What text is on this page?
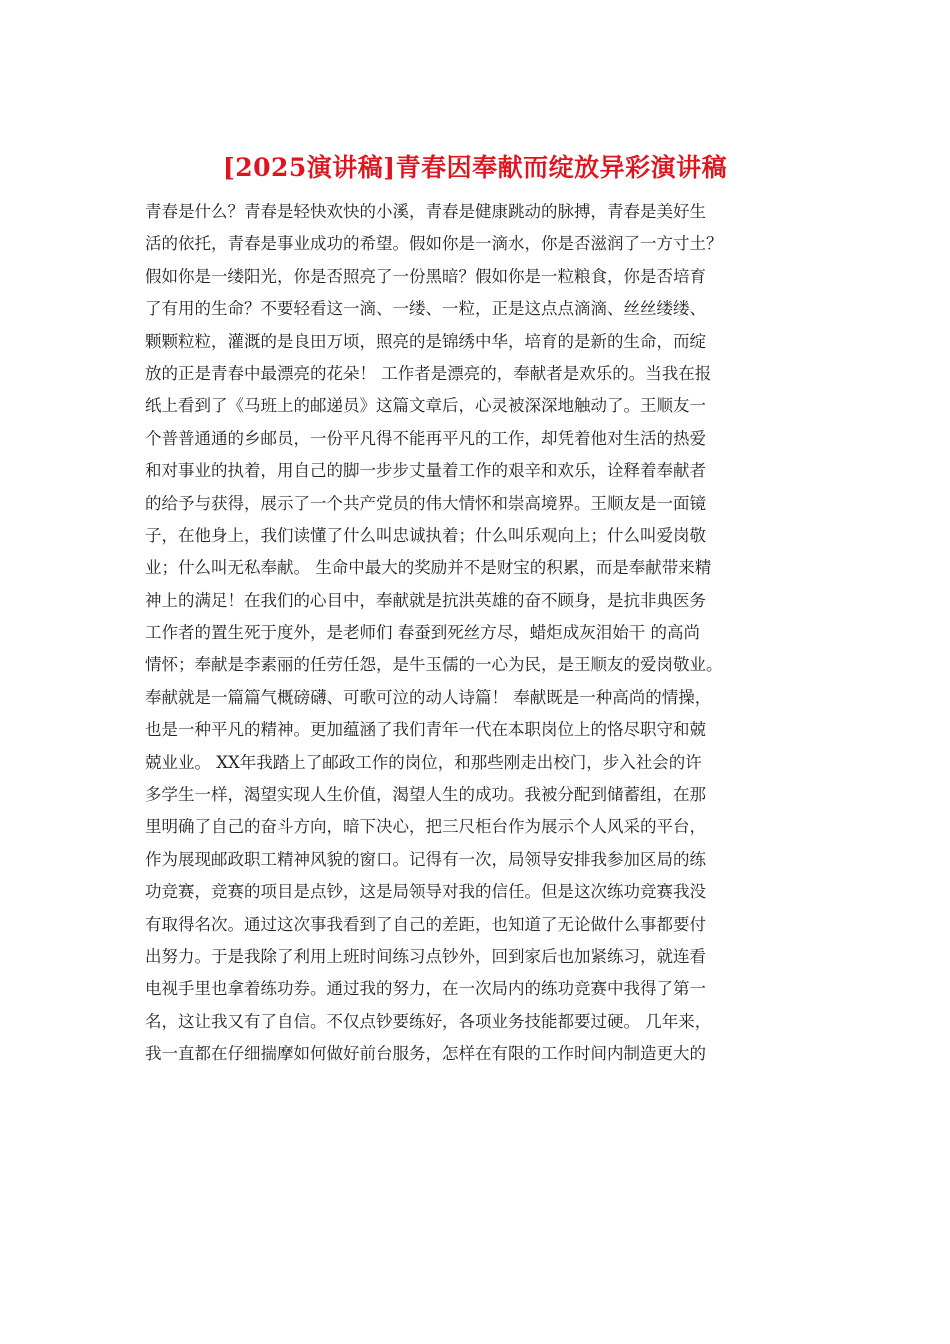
[2025演讲稿]青春因奉献而绽放异彩演讲稿
青春是什么？青春是轻快欢快的小溪，青春是健康跳动的脉搏，青春是美好生
活的依托，青春是事业成功的希望。假如你是一滴水，你是否滋润了一方寸土？
假如你是一缕阳光，你是否照亮了一份黑暗？假如你是一粒粮食，你是否培育
了有用的生命？不要轻看这一滴、一缕、一粒，正是这点点滴滴、丝丝缕缕、
颗颗粒粒，灌溉的是良田万顷，照亮的是锦绣中华，培育的是新的生命，而绽
放的正是青春中最漂亮的花朵！ 工作者是漂亮的，奉献者是欢乐的。当我在报
纸上看到了《马班上的邮递员》这篇文章后，心灵被深深地触动了。王顺友一
个普普通通的乡邮员，一份平凡得不能再平凡的工作，却凭着他对生活的热爱
和对事业的执着，用自己的脚一步步丈量着工作的艰辛和欢乐，诠释着奉献者
的给予与获得，展示了一个共产党员的伟大情怀和崇高境界。王顺友是一面镜
子，在他身上，我们读懂了什么叫忠诚执着；什么叫乐观向上；什么叫爱岗敬
业；什么叫无私奉献。 生命中最大的奖励并不是财宝的积累，而是奉献带来精
神上的满足！在我们的心目中，奉献就是抗洪英雄的奋不顾身，是抗非典医务
工作者的置生死于度外，是老师们 春蚕到死丝方尽，蜡炬成灰泪始干 的高尚
情怀；奉献是李素丽的任劳任怨，是牛玉儒的一心为民，是王顺友的爱岗敬业。
奉献就是一篇篇气概磅礴、可歌可泣的动人诗篇！ 奉献既是一种高尚的情操，
也是一种平凡的精神。更加蕴涵了我们青年一代在本职岗位上的恪尽职守和兢
兢业业。 XX年我踏上了邮政工作的岗位，和那些刚走出校门，步入社会的许
多学生一样，渴望实现人生价值，渴望人生的成功。我被分配到储蓄组，在那
里明确了自己的奋斗方向，暗下决心，把三尺柜台作为展示个人风采的平台，
作为展现邮政职工精神风貌的窗口。记得有一次，局领导安排我参加区局的练
功竞赛，竞赛的项目是点钞，这是局领导对我的信任。但是这次练功竞赛我没
有取得名次。通过这次事我看到了自己的差距，也知道了无论做什么事都要付
出努力。于是我除了利用上班时间练习点钞外，回到家后也加紧练习，就连看
电视手里也拿着练功券。通过我的努力，在一次局内的练功竞赛中我得了第一
名，这让我又有了自信。不仅点钞要练好，各项业务技能都要过硬。 几年来，
我一直都在仔细揣摩如何做好前台服务，怎样在有限的工作时间内制造更大的
